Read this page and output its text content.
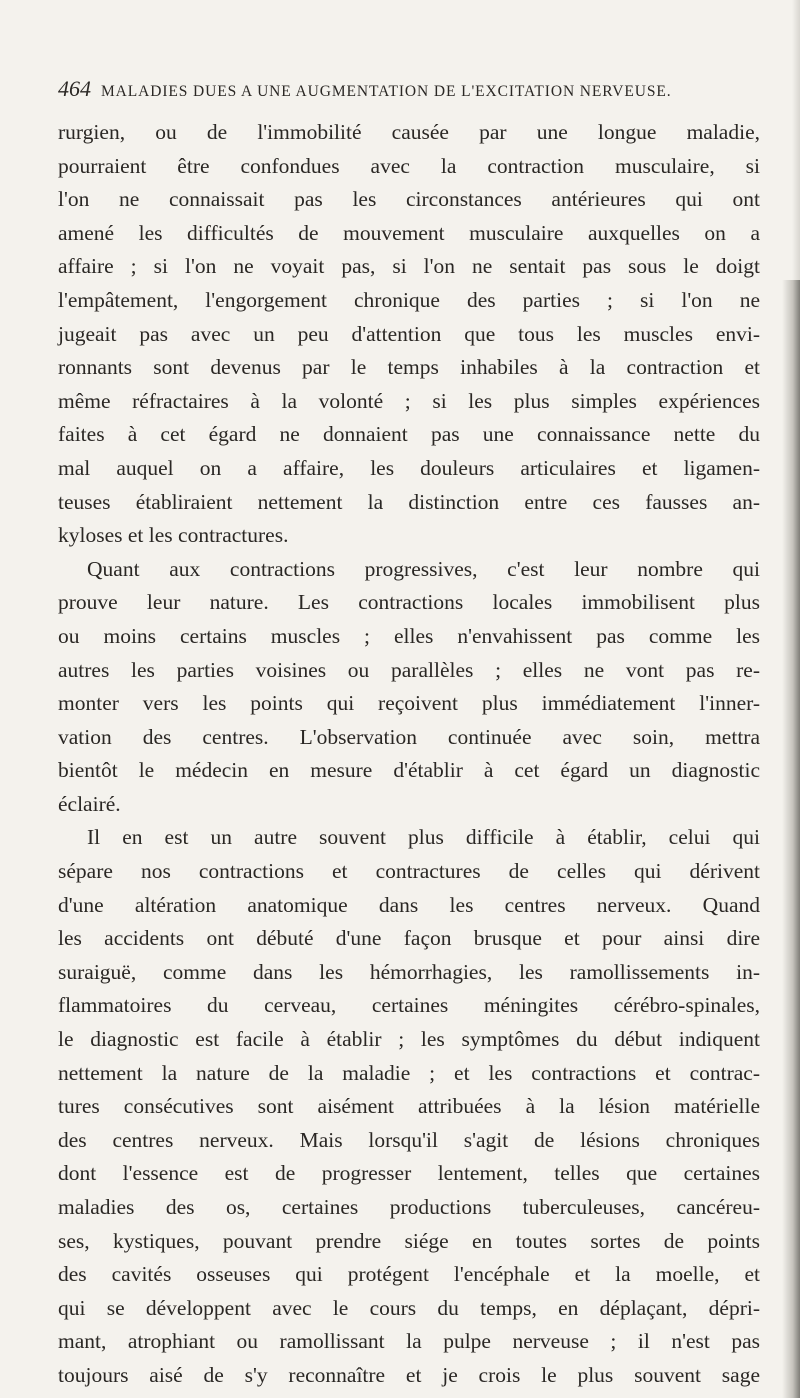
464 MALADIES DUES A UNE AUGMENTATION DE L'EXCITATION NERVEUSE.
rurgien, ou de l'immobilité causée par une longue maladie,
pourraient être confondues avec la contraction musculaire, si
l'on ne connaissait pas les circonstances antérieures qui ont
amené les difficultés de mouvement musculaire auxquelles on a
affaire ; si l'on ne voyait pas, si l'on ne sentait pas sous le doigt
l'empâtement, l'engorgement chronique des parties ; si l'on ne
jugeait pas avec un peu d'attention que tous les muscles envi-
ronnants sont devenus par le temps inhabiles à la contraction et
même réfractaires à la volonté ; si les plus simples expériences
faites à cet égard ne donnaient pas une connaissance nette du
mal auquel on a affaire, les douleurs articulaires et ligamen-
teuses établiraient nettement la distinction entre ces fausses an-
kyloses et les contractures.
Quant aux contractions progressives, c'est leur nombre qui
prouve leur nature. Les contractions locales immobilisent plus
ou moins certains muscles ; elles n'envahissent pas comme les
autres les parties voisines ou parallèles ; elles ne vont pas re-
monter vers les points qui reçoivent plus immédiatement l'inner-
vation des centres. L'observation continuée avec soin, mettra
bientôt le médecin en mesure d'établir à cet égard un diagnostic
éclairé.
Il en est un autre souvent plus difficile à établir, celui qui
sépare nos contractions et contractures de celles qui dérivent
d'une altération anatomique dans les centres nerveux. Quand
les accidents ont débuté d'une façon brusque et pour ainsi dire
suraiguë, comme dans les hémorrhagies, les ramollissements in-
flammatoires du cerveau, certaines méningites cérébro-spinales,
le diagnostic est facile à établir ; les symptômes du début indiquent
nettement la nature de la maladie ; et les contractions et contrac-
tures consécutives sont aisément attribuées à la lésion matérielle
des centres nerveux. Mais lorsqu'il s'agit de lésions chroniques
dont l'essence est de progresser lentement, telles que certaines
maladies des os, certaines productions tuberculeuses, cancéreu-
ses, kystiques, pouvant prendre siége en toutes sortes de points
des cavités osseuses qui protégent l'encéphale et la moelle, et
qui se développent avec le cours du temps, en déplaçant, dépri-
mant, atrophiant ou ramollissant la pulpe nerveuse ; il n'est pas
toujours aisé de s'y reconnaître et je crois le plus souvent sage
